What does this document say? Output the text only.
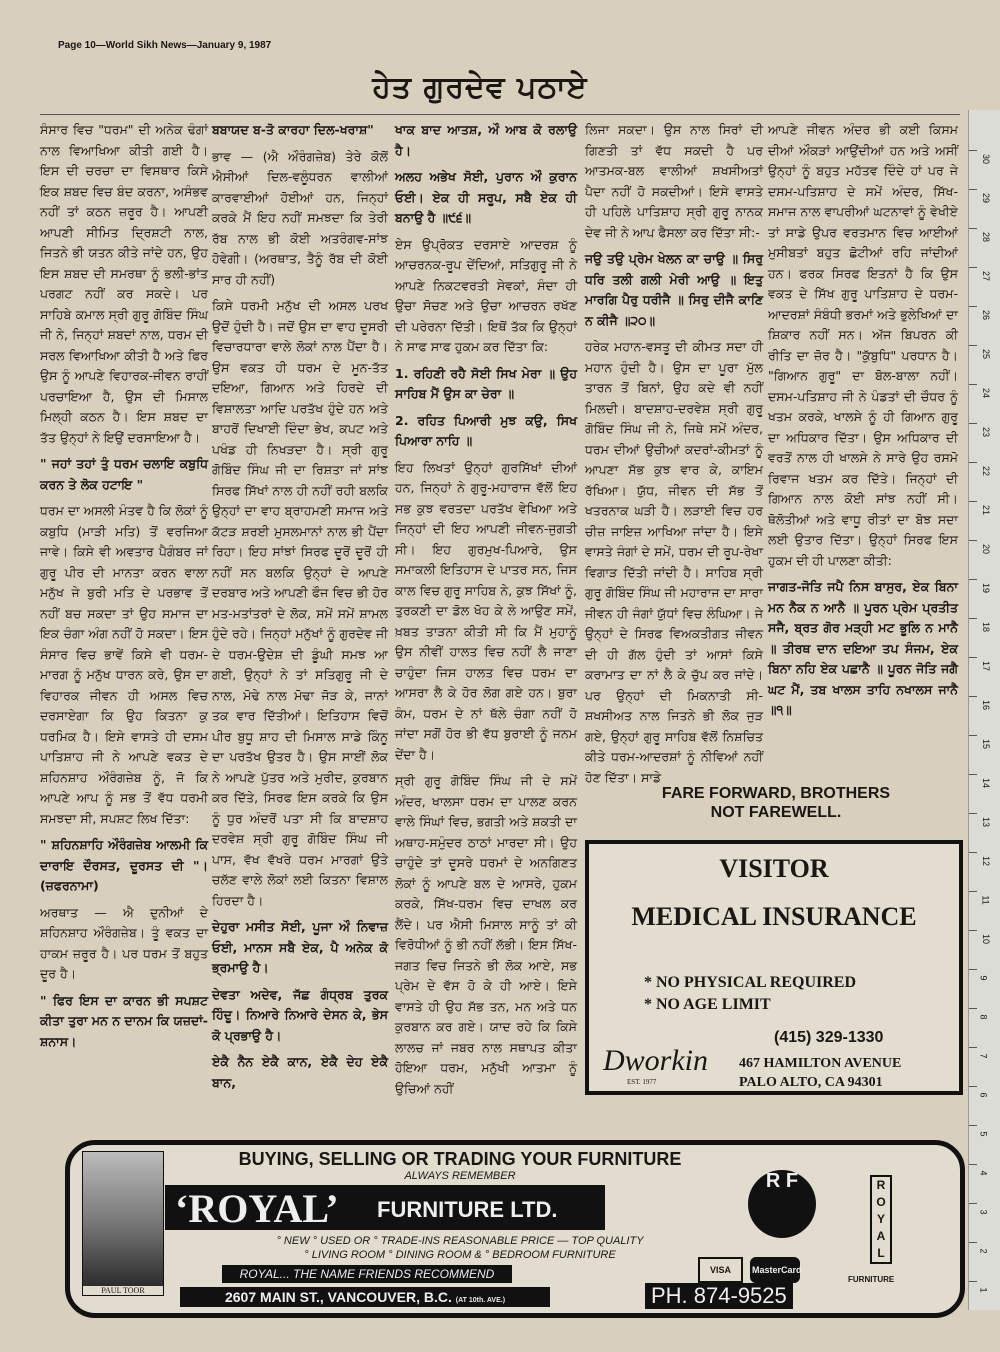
Page 10—World Sikh News—January 9, 1987
ਹੇਤ ਗੁਰਦੇਵ ਪਠਾਏ

ਸੰਸਾਰ ਵਿਚ "ਧਰਮ" ਦੀ ਅਨੇਕ ਢੰਗਾਂ ਨਾਲ ਵਿਆਖਿਆ ਕੀਤੀ ਗਈ ਹੈ। ਇਸ ਦੀ ਚਰਚਾ ਦਾ ਵਿਸਥਾਰ ਕਿਸੇ ਇਕ ਸ਼ਬਦ ਵਿਚ ਬੰਦ ਕਰਨਾ, ਅਸੰਭਵ ਨਹੀਂ ਤਾਂ ਕਠਨ ਜ਼ਰੂਰ ਹੈ। ਆਪਣੀ ਆਪਣੀ ਸੀਮਿਤ ਦ੍ਰਿਸ਼ਟੀ ਨਾਲ, ਜਿਤਨੇ ਭੀ ਯਤਨ ਕੀਤੇ ਜਾਂਦੇ ਹਨ, ਉਹ ਇਸ ਸ਼ਬਦ ਦੀ ਸਮਰਥਾ ਨੂੰ ਭਲੀ-ਭਾਂਤ ਪਰਗਟ ਨਹੀਂ ਕਰ ਸਕਦੇ। ਪਰ ਸਾਹਿਬੇ ਕਮਾਲ ਸ੍ਰੀ ਗੁਰੂ ਗੋਬਿੰਦ ਸਿੰਘ ਜੀ ਨੇ, ਜਿਨ੍ਹਾਂ ਸ਼ਬਦਾਂ ਨਾਲ, ਧਰਮ ਦੀ ਸਰਲ ਵਿਆਖਿਆ ਕੀਤੀ ਹੈ ਅਤੇ ਫਿਰ ਉਸ ਨੂੰ ਆਪਣੇ ਵਿਹਾਰਕ-ਜੀਵਨ ਰਾਹੀਂ ਪਰਚਾਇਆ ਹੈ, ਉਸ ਦੀ ਮਿਸਾਲ ਮਿਲ੍ਹੀ ਕਠਨ ਹੈ। ਇਸ ਸ਼ਬਦ ਦਾ ਤੱਤ ਉਨ੍ਹਾਂ ਨੇ ਇਉਂ ਦਰਸਾਇਆ ਹੈ।

" ਜਹਾਂ ਤਹਾਂ ਤੁੰ ਧਰਮ ਚਲਾਇ ਕਬੁਧਿ ਕਰਨ ਤੇ ਲੋਕ ਹਟਾਇ "

ਧਰਮ ਦਾ ਅਸਲੀ ਮੰਤਵ ਹੈ ਕਿ ਲੋਕਾਂ ਨੂੰ ਕਬੁਧਿ (ਮਾੜੀ ਮਤਿ) ਤੋਂ ਵਰਜਿਆ ਜਾਵੇ। ਕਿਸੇ ਵੀ ਅਵਤਾਰ ਪੈਗੰਬਰ ਜਾਂ ਗੁਰੂ ਪੀਰ ਦੀ ਮਾਨਤਾ ਕਰਨ ਵਾਲਾ ਮਨੁੱਖ ਜੇ ਬੁਰੀ ਮਤਿ ਦੇ ਪਰਭਾਵ ਤੋਂ ਨਹੀਂ ਬਚ ਸਕਦਾ ਤਾਂ ਉਹ ਸਮਾਜ ਦਾ ਇਕ ਚੰਗਾ ਅੰਗ ਨਹੀਂ ਹੋ ਸਕਦਾ। ਇਸ ਸੰਸਾਰ ਵਿਚ ਭਾਵੇਂ ਕਿਸੇ ਵੀ ਧਰਮ-ਮਾਰਗ ਨੂੰ ਮਨੁੱਖ ਧਾਰਨ ਕਰੇ, ਉਸ ਦਾ ਵਿਹਾਰਕ ਜੀਵਨ ਹੀ ਅਸਲ ਵਿਚ ਦਰਸਾਏਗਾ ਕਿ ਉਹ ਕਿਤਨਾ ਕੁ ਧਰਮਿਕ ਹੈ। ਇਸੇ ਵਾਸਤੇ ਹੀ ਦਸਮ ਪਾਤਿਸ਼ਾਹ ਜੀ ਨੇ ਆਪਣੇ ਵਕਤ ਦੇ ਸ਼ਹਿਨਸ਼ਾਹ ਔਰੰਗਜ਼ੇਬ ਨੂੰ, ਜੋ ਕਿ ਆਪਣੇ ਆਪ ਨੂੰ ਸਭ ਤੋਂ ਵੱਧ ਧਰਮੀ ਸਮਝਦਾ ਸੀ, ਸਪਸ਼ਟ ਲਿਖ ਦਿੱਤਾ:

" ਸ਼ਹਿਨਸ਼ਾਹਿ ਔਰੰਗਜ਼ੇਬ ਆਲਮੀ ਕਿ ਦਾਰਾਇ ਦੌਰਸਤ, ਦੂਰਸਤ ਦੀ "। (ਜ਼ਫਰਨਾਮਾ)

ਅਰਥਾਤ — ਐ ਦੁਨੀਆਂ ਦੇ ਸ਼ਹਿਨਸ਼ਾਹ ਔਰੰਗਜ਼ੇਬ। ਤੂੰ ਵਕਤ ਦਾ ਹਾਕਮ ਜ਼ਰੂਰ ਹੈ। ਪਰ ਧਰਮ ਤੋਂ ਬਹੁਤ ਦੂਰ ਹੈ।

" ਫਿਰ ਇਸ ਦਾ ਕਾਰਨ ਭੀ ਸਪਸ਼ਟ ਕੀਤਾ ਤੁਰਾ ਮਨ ਨ ਦਾਨਮ ਕਿ ਯਜ਼ਦਾਂ-ਸ਼ਨਾਸ।

ਬਬਾਯਦ ਬ-ਤੋ ਕਾਰਹਾ ਦਿਲ-ਖਰਾਸ਼"

ਭਾਵ — (ਐ ਔਰੰਗਜ਼ੇਬ) ਤੇਰੇ ਕੋਲੋਂ ਐਸੀਆਂ ਦਿਲ-ਵਲੂੰਧਰਨ ਵਾਲੀਆਂ ਕਾਰਵਾਈਆਂ ਹੋਈਆਂ ਹਨ, ਜਿਨ੍ਹਾਂ ਕਰਕੇ ਮੈਂ ਇਹ ਨਹੀਂ ਸਮਝਦਾ ਕਿ ਤੇਰੀ ਰੱਬ ਨਾਲ ਭੀ ਕੋਈ ਅਤਰੰਗਵ-ਸਾਂਝ ਹੋਵੇਗੀ। (ਅਰਥਾਤ, ਤੈਨੂੰ ਰੱਬ ਦੀ ਕੋਈ ਸਾਰ ਹੀ ਨਹੀਂ)

ਕਿਸੇ ਧਰਮੀ ਮਨੁੱਖ ਦੀ ਅਸਲ ਪਰਖ ਉਦੋਂ ਹੁੰਦੀ ਹੈ। ਜਦੋਂ ਉਸ ਦਾ ਵਾਹ ਦੂਸਰੀ ਵਿਚਾਰਧਾਰਾ ਵਾਲੇ ਲੋਕਾਂ ਨਾਲ ਪੈਂਦਾ ਹੈ। ਉਸ ਵਕਤ ਹੀ ਧਰਮ ਦੇ ਮੂਨ-ਤੱਤ ਦਇਆ, ਗਿਆਨ ਅਤੇ ਹਿਰਦੇ ਦੀ ਵਿਸ਼ਾਲਤਾ ਆਦਿ ਪਰਤੱਖ ਹੁੰਦੇ ਹਨ ਅਤੇ ਬਾਹਰੋਂ ਦਿਖਾਈ ਦਿੰਦਾ ਭੇਖ, ਕਪਟ ਅਤੇ ਪਖੰਡ ਹੀ ਨਿਖੜਦਾ ਹੈ। ਸ੍ਰੀ ਗੁਰੂ ਗੋਬਿੰਦ ਸਿੰਘ ਜੀ ਦਾ ਰਿਸ਼ਤਾ ਜਾਂ ਸਾਂਝ ਸਿਰਫ ਸਿੱਖਾਂ ਨਾਲ ਹੀ ਨਹੀਂ ਰਹੀ ਬਲਕਿ ਉਨ੍ਹਾਂ ਦਾ ਵਾਹ ਬ੍ਰਾਹਮਣੀ ਸਮਾਜ ਅਤੇ ਕੱਟੜ ਸ਼ਰਈ ਮੁਸਲਮਾਨਾਂ ਨਾਲ ਭੀ ਪੈਂਦਾ ਰਿਹਾ। ਇਹ ਸਾਂਝਾਂ ਸਿਰਫ ਦੂਰੋਂ ਦੂਰੋਂ ਹੀ ਨਹੀਂ ਸਨ ਬਲਕਿ ਉਨ੍ਹਾਂ ਦੇ ਆਪਣੇ ਦਰਬਾਰ ਅਤੇ ਆਪਣੀ ਫੌਜ ਵਿਚ ਭੀ ਹੋਰ ਮਤ-ਮਤਾਂਤਰਾਂ ਦੇ ਲੋਕ, ਸਮੇਂ ਸਮੇਂ ਸ਼ਾਮਲ ਹੁੰਦੇ ਰਹੇ। ਜਿਨ੍ਹਾਂ ਮਨੁੱਖਾਂ ਨੂੰ ਗੁਰਦੇਵ ਜੀ ਦੇ ਧਰਮ-ਉਦੇਸ਼ ਦੀ ਡੂੰਘੀ ਸਮਝ ਆ ਗਈ, ਉਨ੍ਹਾਂ ਨੇ ਤਾਂ ਸਤਿਗੁਰੂ ਜੀ ਦੇ ਨਾਲ, ਮੋਢੇ ਨਾਲ ਮੋਢਾ ਜੋੜ ਕੇ, ਜਾਨਾਂ ਤਕ ਵਾਰ ਦਿੱਤੀਆਂ। ਇਤਿਹਾਸ ਵਿਚੋਂ ਪੀਰ ਬੁਧੂ ਸ਼ਾਹ ਦੀ ਮਿਸਾਲ ਸਾਡੇ ਕਿੰਨੂ ਦਾ ਪਰਤੱਖ ਉਤਰ ਹੈ। ਉਸ ਸਾਈਂ ਲੋਕ ਨੇ ਆਪਣੇ ਪੁੱਤਰ ਅਤੇ ਮੁਰੀਦ, ਕੁਰਬਾਨ ਕਰ ਦਿੱਤੇ, ਸਿਰਫ ਇਸ ਕਰਕੇ ਕਿ ਉਸ ਨੂੰ ਧੁਰ ਅੰਦਰੋਂ ਪਤਾ ਸੀ ਕਿ ਬਾਦਸ਼ਾਹ ਦਰਵੇਸ਼ ਸ੍ਰੀ ਗੁਰੂ ਗੋਬਿੰਦ ਸਿੰਘ ਜੀ ਪਾਸ, ਵੱਖ ਵੱਖਰੇ ਧਰਮ ਮਾਰਗਾਂ ਉਤੇ ਚਲੱਣ ਵਾਲੇ ਲੋਕਾਂ ਲਈ ਕਿਤਨਾ ਵਿਸ਼ਾਲ ਹਿਰਦਾ ਹੈ।

ਦੇਹੁਰਾ ਮਸੀਤ ਸੋਈ, ਪੂਜਾ ਔ ਨਿਵਾਜ਼ ਓਈ, ਮਾਨਸ ਸਬੈ ਏਕ, ਪੈ ਅਨੇਕ ਕੋ ਭ੍ਰਮਾਉ ਹੈ।

ਦੇਵਤਾ ਅਦੇਵ, ਜੱਛ ਗੰਧ੍ਰਬ ਤੁਰਕ ਹਿੰਦੂ। ਨਿਆਰੇ ਨਿਆਰੇ ਦੇਸਨ ਕੇ, ਭੇਸ ਕੋ ਪ੍ਰਭਾਉ ਹੈ।

ਏਕੈ ਨੈਨ ਏਕੈ ਕਾਨ, ਏਕੈ ਦੇਹ ਏਕੈ ਬਾਨ,

ਖਾਕ ਬਾਦ ਆਤਸ਼, ਔ ਆਬ ਕੋ ਰਲਾਉ ਹੈ।

ਅਲਹ ਅਭੇਖ ਸੋਈ, ਪੁਰਾਨ ਔ ਕੁਰਾਨ ਓਈ। ਏਕ ਹੀ ਸਰੂਪ, ਸਬੈ ਏਕ ਹੀ ਬਨਾਉ ਹੈ ॥੯੬॥

ਏਸ ਉਪ੍ਰੋਕਤ ਦਰਸਾਏ ਆਦਰਸ਼ ਨੂੰ ਆਚਰਨਕ-ਰੂਪ ਦੇਂਦਿਆਂ, ਸਤਿਗੁਰੂ ਜੀ ਨੇ ਆਪਣੇ ਨਿਕਟਵਰਤੀ ਸੇਵਕਾਂ, ਸੰਦਾ ਹੀ ਉਚਾ ਸੋਚਣ ਅਤੇ ਉਚਾ ਆਚਰਨ ਰਖੱਣ ਦੀ ਪਰੇਰਨਾ ਦਿੱਤੀ। ਇਥੋਂ ਤੱਕ ਕਿ ਉਨ੍ਹਾਂ ਨੇ ਸਾਫ ਸਾਫ ਹੁਕਮ ਕਰ ਦਿੱਤਾ ਕਿ:

1. ਰਹਿਣੀ ਰਹੈ ਸੋਈ ਸਿਖ ਮੇਰਾ ॥ ਉਹ ਸਾਹਿਬ ਮੈਂ ਉਸ ਕਾ ਚੇਰਾ ॥

2. ਰਹਿਤ ਪਿਆਰੀ ਮੁਝ ਕਉ, ਸਿਖ ਪਿਆਰਾ ਨਾਹਿ ॥

ਇਹ ਲਿਖਤਾਂ ਉਨ੍ਹਾਂ ਗੁਰਸਿੱਖਾਂ ਦੀਆਂ ਹਨ, ਜਿਨ੍ਹਾਂ ਨੇ ਗੁਰੂ-ਮਹਾਰਾਜ ਵੱਲੋਂ ਇਹ ਸਭ ਕੁਝ ਵਰਤਦਾ ਪਰਤੱਖ ਵੇਖਿਆ ਅਤੇ ਜਿਨ੍ਹਾਂ ਦੀ ਇਹ ਆਪਣੀ ਜੀਵਨ-ਜੁਗਤੀ ਸੀ। ਇਹ ਗੁਰਮੁਖ-ਪਿਆਰੇ, ਉਸ ਸਮਾਕਲੀ ਇਤਿਹਾਸ ਦੇ ਪਾਤਰ ਸਨ, ਜਿਸ ਕਾਲ ਵਿਚ ਗੁਰੂ ਸਾਹਿਬ ਨੇ, ਕੁਝ ਸਿੱਖਾਂ ਨੂੰ, ਤੁਰਕਣੀ ਦਾ ਡੋਲ ਖੋਹ ਕੇ ਲੇ ਆਉਣ ਸਮੇਂ, ਖ਼ਬਤ ਤਾੜਨਾ ਕੀਤੀ ਸੀ ਕਿ ਮੈਂ ਮੁਹਾਨੂੰ ਉਸ ਨੀਵੀਂ ਹਾਲਤ ਵਿਚ ਨਹੀਂ ਲੈ ਜਾਣਾ ਚਾਹੁੰਦਾ ਜਿਸ ਹਾਲਤ ਵਿਚ ਧਰਮ ਦਾ ਆਸਰਾ ਲੈ ਕੇ ਹੋਰ ਲੋਗ ਗਏ ਹਨ। ਬੁਰਾ ਕੰਮ, ਧਰਮ ਦੇ ਨਾਂ ਥੱਲੇ ਚੰਗਾ ਨਹੀਂ ਹੋ ਜਾਂਦਾ ਸਗੋਂ ਹੋਰ ਭੀ ਵੱਧ ਬੁਰਾਈ ਨੂੰ ਜਨਮ ਦੇਂਦਾ ਹੈ।

ਸ੍ਰੀ ਗੁਰੂ ਗੋਬਿੰਦ ਸਿੰਘ ਜੀ ਦੇ ਸਮੇਂ ਅੰਦਰ, ਖਾਲਸਾ ਧਰਮ ਦਾ ਪਾਲਣ ਕਰਨ ਵਾਲੇ ਸਿੰਘਾਂ ਵਿਚ, ਭਗਤੀ ਅਤੇ ਸ਼ਕਤੀ ਦਾ ਅਥਾਹ-ਸਮੁੰਦਰ ਠਾਠਾਂ ਮਾਰਦਾ ਸੀ। ਉਹ ਚਾਹੁੰਦੇ ਤਾਂ ਦੂਸਰੇ ਧਰਮਾਂ ਦੇ ਅਨਗਿਣਤ ਲੋਕਾਂ ਨੂੰ ਆਪਣੇ ਬਲ ਦੇ ਆਸਰੇ, ਹੁਕਮ ਕਰਕੇ, ਸਿੱਖ-ਧਰਮ ਵਿਚ ਦਾਖਲ ਕਰ ਲੈਂਦੇ। ਪਰ ਐਸੀ ਮਿਸਾਲ ਸਾਨੂੰ ਤਾਂ ਕੀ ਵਿਰੋਧੀਆਂ ਨੂੰ ਭੀ ਨਹੀਂ ਲੱਭੀ। ਇਸ ਸਿੱਖ-ਜਗਤ ਵਿਚ ਜਿਤਨੇ ਭੀ ਲੋਕ ਆਏ, ਸਭ ਪ੍ਰੇਮ ਦੇ ਵੱਸ ਹੋ ਕੇ ਹੀ ਆਏ। ਇਸੇ ਵਾਸਤੇ ਹੀ ਉਹ ਸੱਭ ਤਨ, ਮਨ ਅਤੇ ਧਨ ਕੁਰਬਾਨ ਕਰ ਗਏ। ਯਾਦ ਰਹੇ ਕਿ ਕਿਸੇ ਲਾਲਚ ਜਾਂ ਜਬਰ ਨਾਲ ਸਥਾਪਤ ਕੀਤਾ ਹੋਇਆ ਧਰਮ, ਮਨੁੱਖੀ ਆਤਮਾ ਨੂੰ ਉਚਿਆਂ ਨਹੀਂ

ਲਿਜਾ ਸਕਦਾ। ਉਸ ਨਾਲ ਸਿਰਾਂ ਦੀ ਗਿਣਤੀ ਤਾਂ ਵੱਧ ਸਕਦੀ ਹੈ ਪਰ ਆਤਮਕ-ਬਲ ਵਾਲੀਆਂ ਸ਼ਖਸੀਅਤਾਂ ਪੈਦਾ ਨਹੀਂ ਹੋ ਸਕਦੀਆਂ। ਇਸੇ ਵਾਸਤੇ ਹੀ ਪਹਿਲੇ ਪਾਤਿਸ਼ਾਹ ਸ੍ਰੀ ਗੁਰੂ ਨਾਨਕ ਦੇਵ ਜੀ ਨੇ ਆਪ ਫੈਸਲਾ ਕਰ ਦਿੱਤਾ ਸੀ:-

ਜਉ ਤਉ ਪ੍ਰੇਮ ਖੇਲਨ ਕਾ ਚਾਉ ॥ ਸਿਰੁ ਧਰਿ ਤਲੀ ਗਲੀ ਮੇਰੀ ਆਉ ॥ ਇਤੁ ਮਾਰਗਿ ਪੈਰੁ ਧਰੀਜੈ ॥ ਸਿਰੁ ਦੀਜੈ ਕਾਣਿ ਨ ਕੀਜੈ ॥੨੦॥

ਹਰੇਕ ਮਹਾਨ-ਵਸਤੂ ਦੀ ਕੀਮਤ ਸਦਾ ਹੀ ਮਹਾਨ ਹੁੰਦੀ ਹੈ। ਉਸ ਦਾ ਪੂਰਾ ਮੁੱਲ ਤਾਰਨ ਤੋਂ ਬਿਨਾਂ, ਉਹ ਕਦੇ ਵੀ ਨਹੀਂ ਮਿਲਦੀ। ਬਾਦਸ਼ਾਹ-ਦਰਵੇਸ਼ ਸ੍ਰੀ ਗੁਰੂ ਗੋਬਿੰਦ ਸਿੰਘ ਜੀ ਨੇ, ਜਿਥੇ ਸਮੇਂ ਅੰਦਰ, ਧਰਮ ਦੀਆਂ ਉਚੀਆਂ ਕਦਰਾਂ-ਕੀਮਤਾਂ ਨੂੰ ਆਪਣਾ ਸੱਭ ਕੁਝ ਵਾਰ ਕੇ, ਕਾਇਮ ਰੱਖਿਆ। ਯੁੱਧ, ਜੀਵਨ ਦੀ ਸੱਭ ਤੋਂ ਖਤਰਨਾਕ ਘੜੀ ਹੈ। ਲੜਾਈ ਵਿਚ ਹਰ ਚੀਜ਼ ਜਾਇਜ਼ ਆਖਿਆ ਜਾਂਦਾ ਹੈ। ਇਸੇ ਵਾਸਤੇ ਜੰਗਾਂ ਦੇ ਸਮੇਂ, ਧਰਮ ਦੀ ਰੂਪ-ਰੇਖਾ ਵਿਗਾੜ ਦਿੱਤੀ ਜਾਂਦੀ ਹੈ। ਸਾਹਿਬ ਸ੍ਰੀ ਗੁਰੂ ਗੋਬਿੰਦ ਸਿੰਘ ਜੀ ਮਹਾਰਾਜ ਦਾ ਸਾਰਾ ਜੀਵਨ ਹੀ ਜੰਗਾਂ ਯੁੱਧਾਂ ਵਿਚ ਲੰਘਿਆ। ਜੇ ਉਨ੍ਹਾਂ ਦੇ ਸਿਰਫ ਵਿਅਕਤੀਗਤ ਜੀਵਨ ਦੀ ਹੀ ਗੱਲ ਹੁੰਦੀ ਤਾਂ ਆਸਾਂ ਕਿਸੇ ਕਰਾਮਾਤ ਦਾ ਨਾਂ ਲੈ ਕੇ ਚੁੱਪ ਕਰ ਜਾਂਦੇ। ਪਰ ਉਨ੍ਹਾਂ ਦੀ ਮਿਕਨਾਤੀ ਸੀ-ਸ਼ਖਸੀਅਤ ਨਾਲ ਜਿਤਨੇ ਭੀ ਲੋਕ ਜੁੜ ਗਏ, ਉਨ੍ਹਾਂ ਗੁਰੂ ਸਾਹਿਬ ਵੱਲੋਂ ਨਿਸ਼ਚਿਤ ਕੀਤੇ ਧਰਮ-ਆਦਰਸ਼ਾਂ ਨੂੰ ਨੀਵਿਆਂ ਨਹੀਂ ਹੋਣ ਦਿੱਤਾ। ਸਾਡੇ

ਆਪਣੇ ਜੀਵਨ ਅੰਦਰ ਭੀ ਕਈ ਕਿਸਮ ਦੀਆਂ ਔਕੜਾਂ ਆਉਂਦੀਆਂ ਹਨ ਅਤੇ ਅਸੀਂ ਉਨ੍ਹਾਂ ਨੂੰ ਬਹੁਤ ਮਹੱਤਵ ਦਿੰਦੇ ਹਾਂ ਪਰ ਜੇ ਦਸਮ-ਪਤਿਸ਼ਾਹ ਦੇ ਸਮੇਂ ਅੰਦਰ, ਸਿੱਖ-ਸਮਾਜ ਨਾਲ ਵਾਪਰੀਆਂ ਘਟਨਾਵਾਂ ਨੂੰ ਵੇਖੀਏ ਤਾਂ ਸਾਡੇ ਉਪਰ ਵਰਤਮਾਨ ਵਿਚ ਆਈਆਂ ਮੁਸੀਬਤਾਂ ਬਹੁਤ ਛੋਟੀਆਂ ਰਹਿ ਜਾਂਦੀਆਂ ਹਨ। ਫਰਕ ਸਿਰਫ ਇਤਨਾਂ ਹੈ ਕਿ ਉਸ ਵਕਤ ਦੇ ਸਿੱਖ ਗੁਰੂ ਪਾਤਿਸ਼ਾਹ ਦੇ ਧਰਮ-ਆਦਰਸ਼ਾਂ ਸੰਬੰਧੀ ਭਰਮਾਂ ਅਤੇ ਭੁਲੇਖਿਆਂ ਦਾ ਸ਼ਿਕਾਰ ਨਹੀਂ ਸਨ। ਅੱਜ ਬਿਪਰਨ ਕੀ ਰੀਤਿ ਦਾ ਜ਼ੋਰ ਹੈ। "ਕੁੱਬੁਧਿ" ਪਰਧਾਨ ਹੈ। "ਗਿਆਨ ਗੁਰੂ" ਦਾ ਬੋਲ-ਬਾਲਾ ਨਹੀਂ। ਦਸਮ-ਪਤਿਸ਼ਾਹ ਜੀ ਨੇ ਪੰਡਤਾਂ ਦੀ ਚੌਧਰ ਨੂੰ ਖਤਮ ਕਰਕੇ, ਖਾਲਸੇ ਨੂੰ ਹੀ ਗਿਆਨ ਗੁਰੂ ਦਾ ਅਧਿਕਾਰ ਦਿੱਤਾ। ਉਸ ਅਧਿਕਾਰ ਦੀ ਵਰਤੋਂ ਨਾਲ ਹੀ ਖਾਲਸੇ ਨੇ ਸਾਰੇ ਉਹ ਰਸਮੋ ਰਿਵਾਜ ਖਤਮ ਕਰ ਦਿੱਤੇ। ਜਿਨ੍ਹਾਂ ਦੀ ਗਿਆਨ ਨਾਲ ਕੋਈ ਸਾਂਝ ਨਹੀਂ ਸੀ। ਥੋਲੋਤੀਆਂ ਅਤੇ ਵਾਧੂ ਰੀਤਾਂ ਦਾ ਬੋਝ ਸਦਾ ਲਈ ਉਤਾਰ ਦਿੱਤਾ। ਉਨ੍ਹਾਂ ਸਿਰਫ ਇਸ ਹੁਕਮ ਦੀ ਹੀ ਪਾਲਣਾ ਕੀਤੀ:

ਜਾਗਤ-ਜੋਤਿ ਜਪੈ ਨਿਸ ਬਾਸੁਰ, ਏਕ ਬਿਨਾ ਮਨ ਨੈਕ ਨ ਆਨੈ ॥ ਪੂਰਨ ਪ੍ਰੇਮ ਪ੍ਰਤੀਤ ਸਜੈ, ਬ੍ਰਤ ਗੋਰ ਮੜ੍ਹੀ ਮਟ ਭੂਲਿ ਨ ਮਾਨੈ ॥ ਤੀਰਥ ਦਾਨ ਦਇਆ ਤਪ ਸੰਜਮ, ਏਕ ਬਿਨਾ ਨਹਿ ਏਕ ਪਛਾਨੈ ॥ ਪੂਰਨ ਜੋਤਿ ਜਗੈ ਘਟ ਮੈਂ, ਤਬ ਖਾਲਸ ਤਾਹਿ ਨਖਾਲਸ ਜਾਨੈ ॥੧॥

FARE FORWARD, BROTHERS
NOT FAREWELL.
VISITOR
MEDICAL INSURANCE
* NO PHYSICAL REQUIRED
* NO AGE LIMIT
(415) 329-1330
Dworkin
EST. 1977
467 HAMILTON AVENUE
PALO ALTO, CA 94301
PAUL TOOR
BUYING, SELLING OR TRADING YOUR FURNITURE
ALWAYS REMEMBER
‘ROYAL’ FURNITURE LTD.
° NEW ° USED OR ° TRADE-INS REASONABLE PRICE — TOP QUALITY
° LIVING ROOM ° DINING ROOM & ° BEDROOM FURNITURE
ROYAL... THE NAME FRIENDS RECOMMEND
2607 MAIN ST., VANCOUVER, B.C. (AT 10th. AVE.)	PH. 874-9525
R F
VISA	MasterCard
R
O
Y
A
L
FURNITURE
30
29
28
27
26
25
24
23
22
21
20
19
18
17
16
15
14
13
12
11
10
9
8
7
6
5
4
3
2
1
